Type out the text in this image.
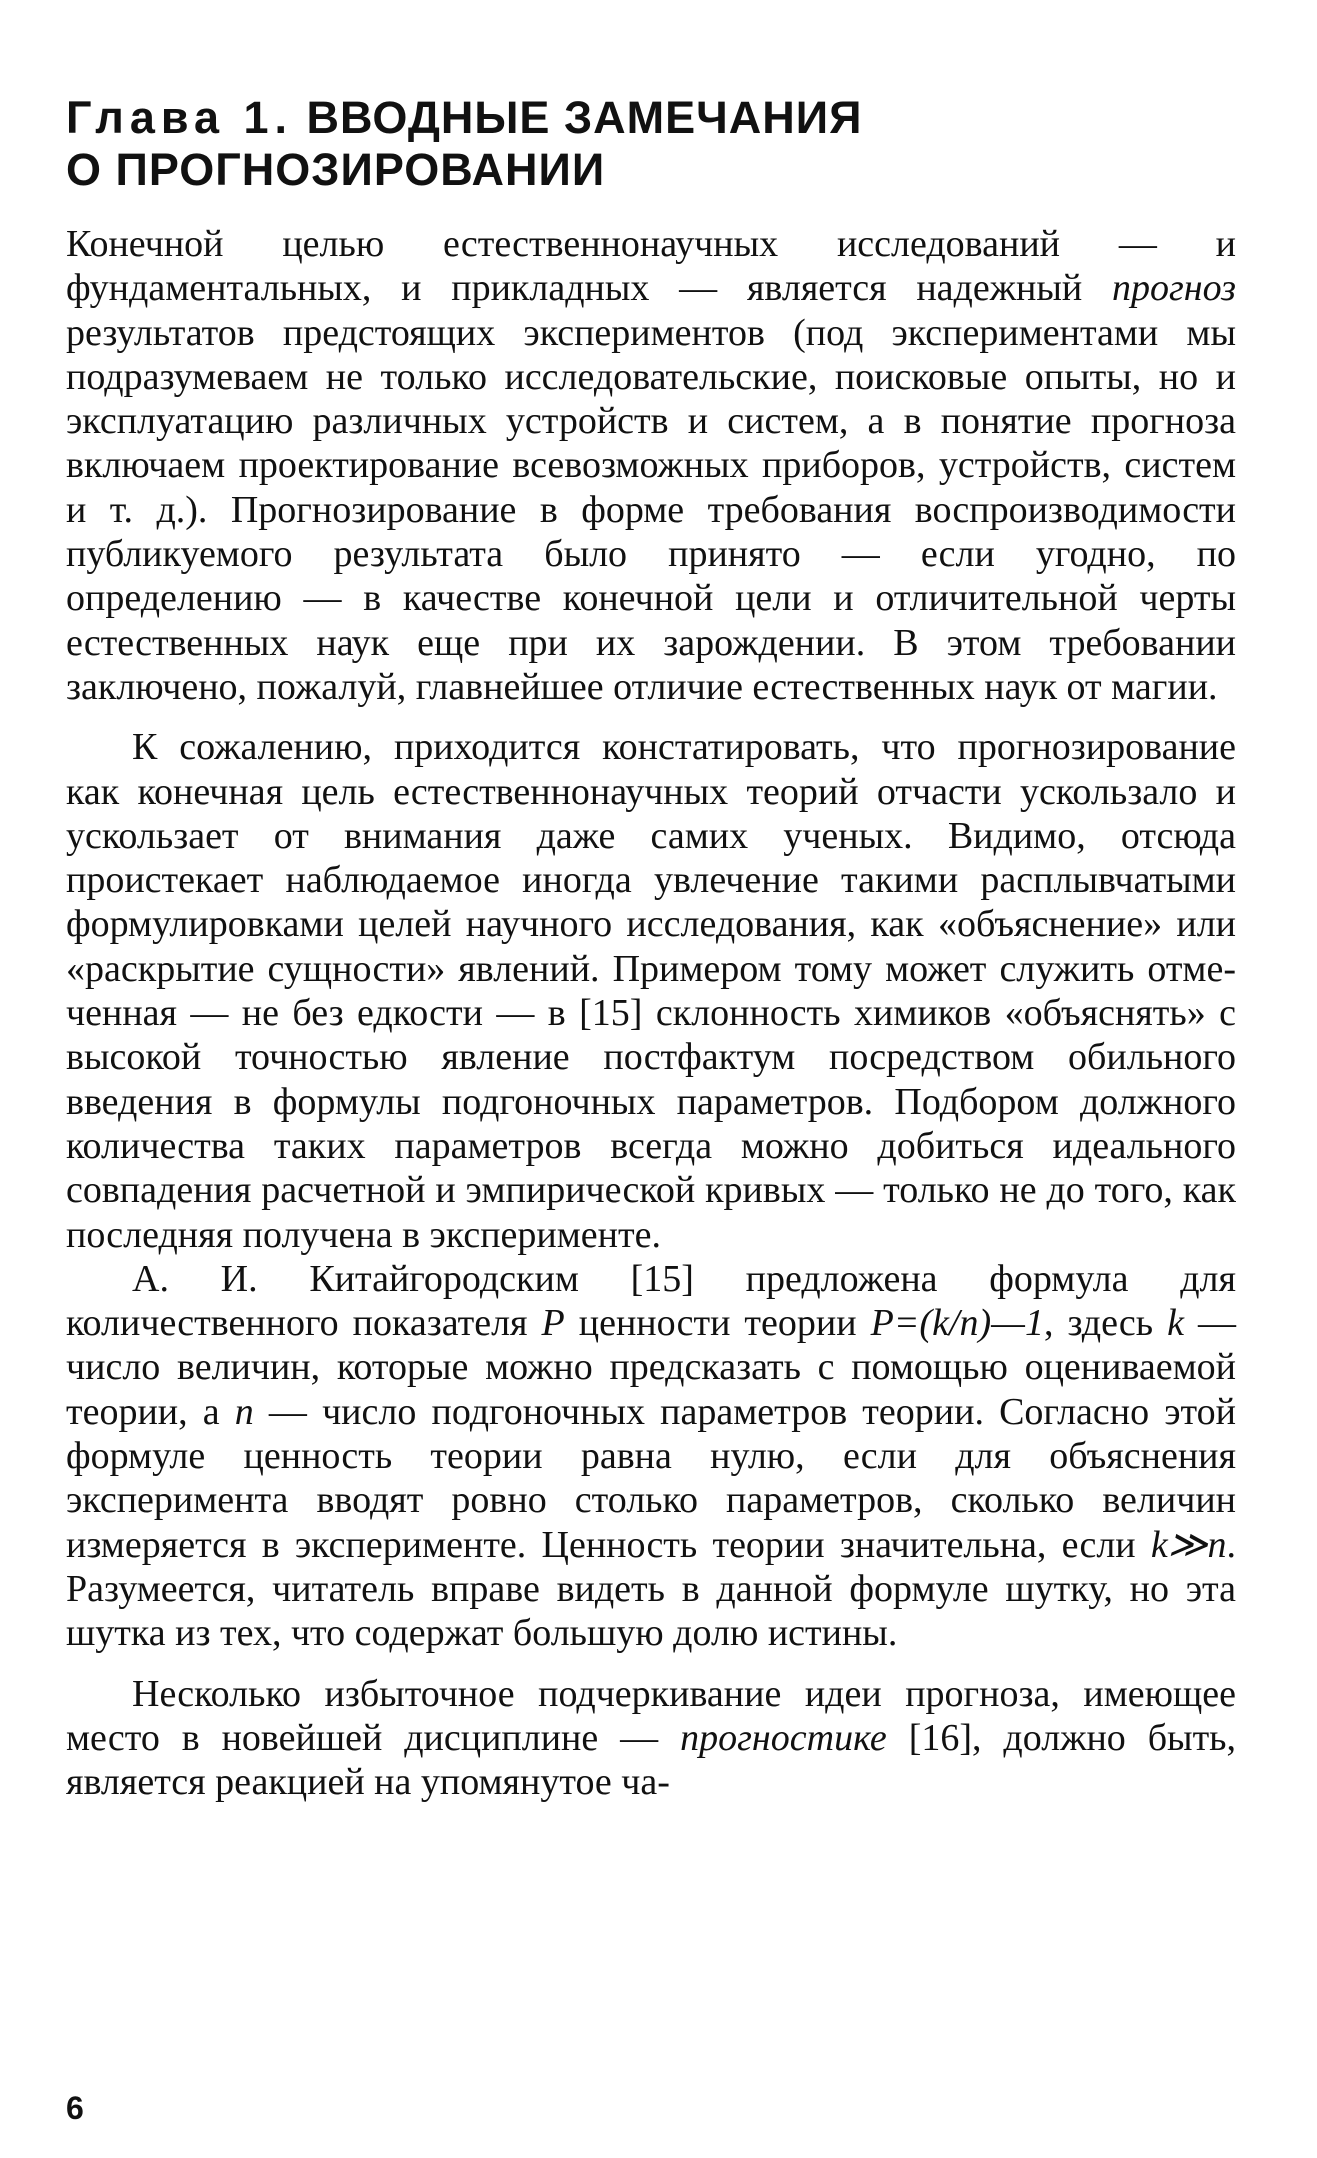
Глава 1. ВВОДНЫЕ ЗАМЕЧАНИЯ
О ПРОГНОЗИРОВАНИИ

Конечной целью естественнонаучных исследований — и фундаментальных, и прикладных — является надежный прогноз результатов предстоящих экспериментов (под экспериментами мы подразумеваем не только исследовательские, поисковые опыты, но и эксплуатацию различных устройств и систем, а в понятие прогноза включаем проектирование всевозможных приборов, устройств, систем и т. д.). Прогнозирование в форме требования воспроизводимости публикуемого результата было принято — если угодно, по определению — в качестве конечной цели и отличительной черты естественных наук еще при их зарождении. В этом требовании заключено, пожалуй, главнейшее отличие естественных наук от магии.

К сожалению, приходится констатировать, что прогнозирование как конечная цель естественнонаучных теорий отчасти ускользало и ускользает от внимания даже самих ученых. Видимо, отсюда проистекает наблюдаемое иногда увлечение такими расплывчатыми формулировками целей научного исследования, как «объяснение» или «раскрытие сущности» явлений. Примером тому может служить отмеченная — не без едкости — в [15] склонность химиков «объяснять» с высокой точностью явление постфактум посредством обильного введения в формулы подгоночных параметров. Подбором должного количества таких параметров всегда можно добиться идеального совпадения расчетной и эмпирической кривых — только не до того, как последняя получена в эксперименте.

А. И. Китайгородским [15] предложена формула для количественного показателя P ценности теории P=(k/n)—1, здесь k — число величин, которые можно предсказать с помощью оцениваемой теории, а n — число подгоночных параметров теории. Согласно этой формуле ценность теории равна нулю, если для объяснения эксперимента вводят ровно столько параметров, сколько величин измеряется в эксперименте. Ценность теории значительна, если k≫n. Разумеется, читатель вправе видеть в данной формуле шутку, но эта шутка из тех, что содержат большую долю истины.

Несколько избыточное подчеркивание идеи прогноза, имеющее место в новейшей дисциплине — прогностике [16], должно быть, является реакцией на упомянутое ча-

6
